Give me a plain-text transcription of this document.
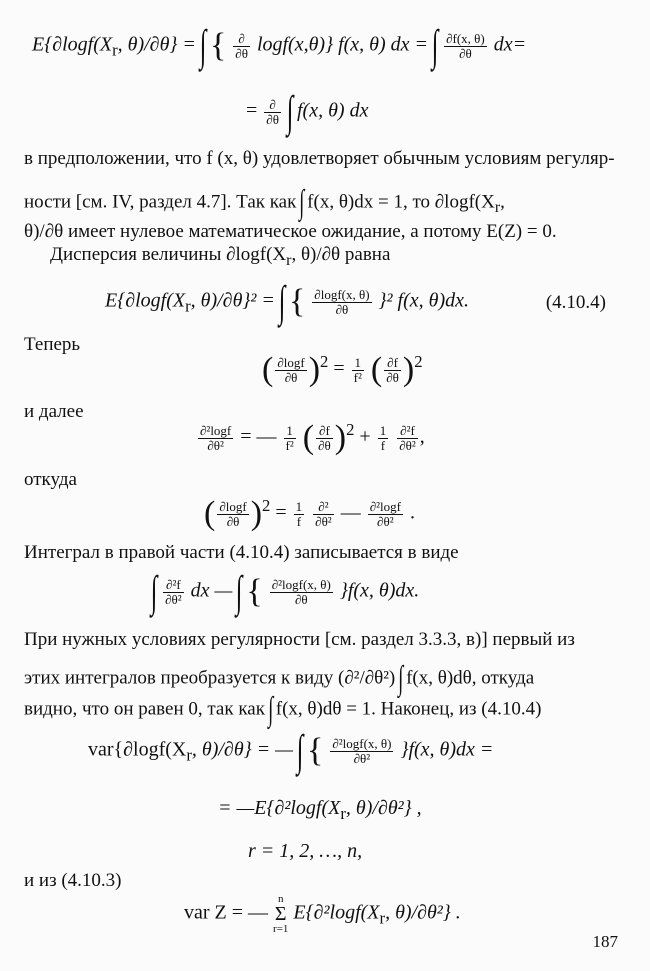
$E\{\partial\log f(X_r$, θ)/∂θ} = ∫ { $\frac{\partial}{\partial\theta} \log f(x,\theta)$} f(x, θ) dx = ∫ $\frac{\partial f(x, \theta)}{\partial\theta} dx=$
= $\frac{\partial}{\partial\theta}$ ∫ f(x, θ) dx
в предположении, что f (x, θ) удовлетворяет обычным условиям регуляр-
ности [см. IV, раздел 4.7]. Так как ∫ f(x, θ)dx = 1, то $\partial\log f(X_r$,
θ)/∂θ имеет нулевое математическое ожидание, а потому E(Z) = 0.
Дисперсия величины $\partial\log f(X_r$, θ)/∂θ равна
$E\{\partial\log f(X_r$, θ)/∂θ}² = ∫ { $\frac{\partial\log f(x, \theta)}{\partial\theta} \}^2$ f(x, θ)dx.	(4.10.4)
Теперь
( $\frac{\partial\log f}{\partial\theta} )^2 = \frac{1}{\text{f²}}$ ( $\frac{\partial f}{\partial\theta} )^2$
и далее
$\frac{\text{∂²logf}}{\text{∂θ²}}$ = — $\frac{1}{\text{f²}}$ ( $\frac{\partial f}{\partial\theta} )^2 + \frac{1}{f}$
$\frac{\text{∂²f}}{\text{∂θ²}}$ ,
откуда
( $\frac{\partial\log f}{\partial\theta} )^2 = \frac{1}{f}$
$\frac{\text{∂²}}{\text{∂θ²}}$ — $\frac{\text{∂²logf}}{\text{∂θ²}}$ .
Интеграл в правой части (4.10.4) записывается в виде
∫ $\frac{\text{∂²f}}{\text{∂θ²}}$ dx — ∫ { $\frac{\text{∂²logf(x, θ)}}{\partial\theta} \}f(x$, θ)dx.
При нужных условиях регулярности [см. раздел 3.3.3, в)] первый из
этих интегралов преобразуется к виду (∂²/∂θ²) ∫ f(x, θ)dθ, откуда
видно, что он равен 0, так как ∫ f(x, θ)dθ = 1. Наконец, из (4.10.4)
$var\{\partial\log f(X_r$, θ)/∂θ} = — ∫ { $\frac{\text{∂²logf(x, θ)}}{\text{∂θ²}} \}f(x$, θ)dx =
= $—E\{\partial^2\log f(X_r$, θ)/∂θ²} ,
r = 1, 2, …, n,
и из (4.10.3)
var Z = —
n
Σ
r=1
$E\{\partial^2\log f(X_r$, θ)/∂θ²} .
187
